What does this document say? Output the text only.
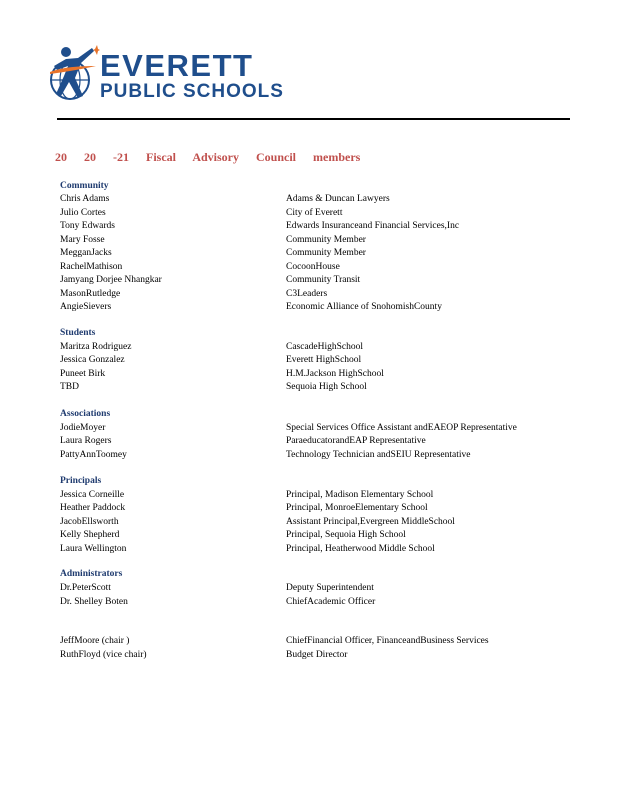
EVERETT
PUBLIC SCHOOLS
20 20 -21 Fiscal Advisory Council members
Community
Chris Adams	Adams & Duncan Lawyers
Julio Cortes	City of Everett
Tony Edwards	Edwards Insuranceand Financial Services,Inc
Mary Fosse	Community Member
MegganJacks	Community Member
RachelMathison	CocoonHouse
Jamyang Dorjee Nhangkar	Community Transit
MasonRutledge	C3Leaders
AngieSievers	Economic Alliance of SnohomishCounty
Students
Maritza Rodriguez	CascadeHighSchool
Jessica Gonzalez	Everett HighSchool
Puneet Birk	H.M.Jackson HighSchool
TBD	Sequoia High School
Associations
JodieMoyer	Special Services Office Assistant andEAEOP Representative
Laura Rogers	ParaeducatorandEAP Representative
PattyAnnToomey	Technology Technician andSEIU Representative
Principals
Jessica Corneille	Principal, Madison Elementary School
Heather Paddock	Principal, MonroeElementary School
JacobEllsworth	Assistant Principal,Evergreen MiddleSchool
Kelly Shepherd	Principal, Sequoia High School
Laura Wellington	Principal, Heatherwood Middle School
Administrators
Dr.PeterScott	Deputy Superintendent
Dr. Shelley Boten	ChiefAcademic Officer
JeffMoore (chair )	ChiefFinancial Officer, FinanceandBusiness Services
RuthFloyd (vice chair)	Budget Director
